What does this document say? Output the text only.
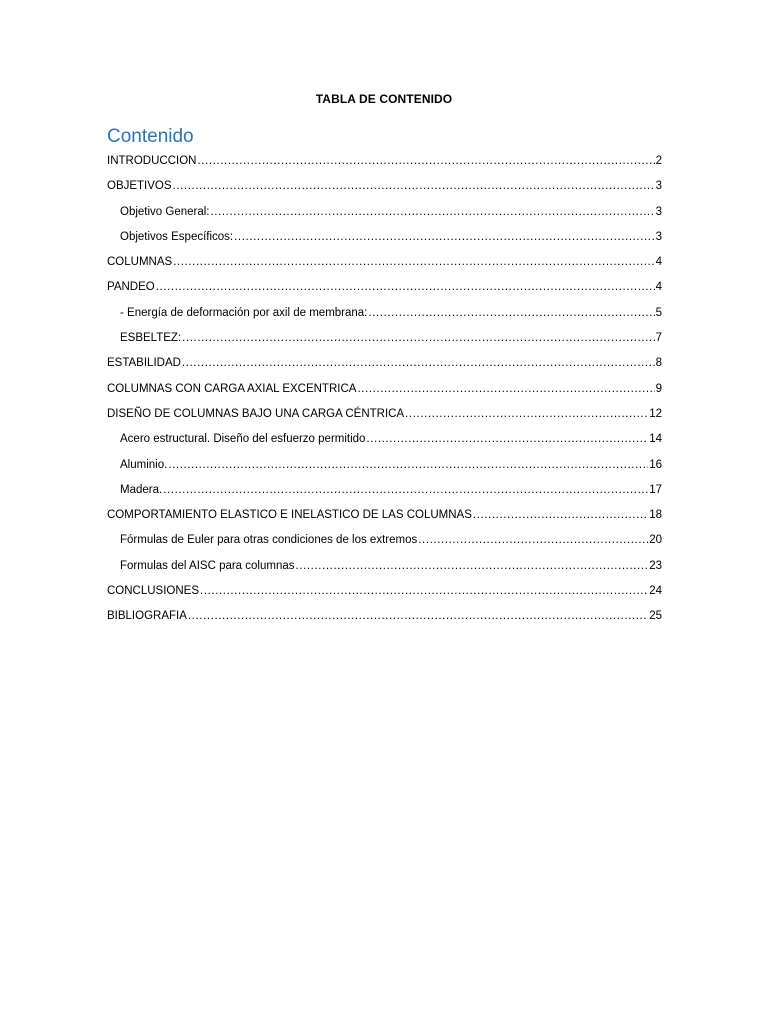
TABLA DE CONTENIDO
Contenido
INTRODUCCION .....	2
OBJETIVOS .....	3
Objetivo General: .....	3
Objetivos Específicos: .....	3
COLUMNAS .....	4
PANDEO .....	4
- Energía de deformación por axil de membrana: .....	5
ESBELTEZ: .....	7
ESTABILIDAD .....	8
COLUMNAS CON CARGA AXIAL EXCENTRICA .....	9
DISEÑO DE COLUMNAS BAJO UNA CARGA CÉNTRICA .....	12
Acero estructural. Diseño del esfuerzo permitido .....	14
Aluminio. .....	16
Madera. .....	17
COMPORTAMIENTO ELASTICO E INELASTICO DE LAS COLUMNAS .....	18
Fórmulas de Euler para otras condiciones de los extremos .....	20
Formulas del AISC para columnas .....	23
CONCLUSIONES .....	24
BIBLIOGRAFIA .....	25
